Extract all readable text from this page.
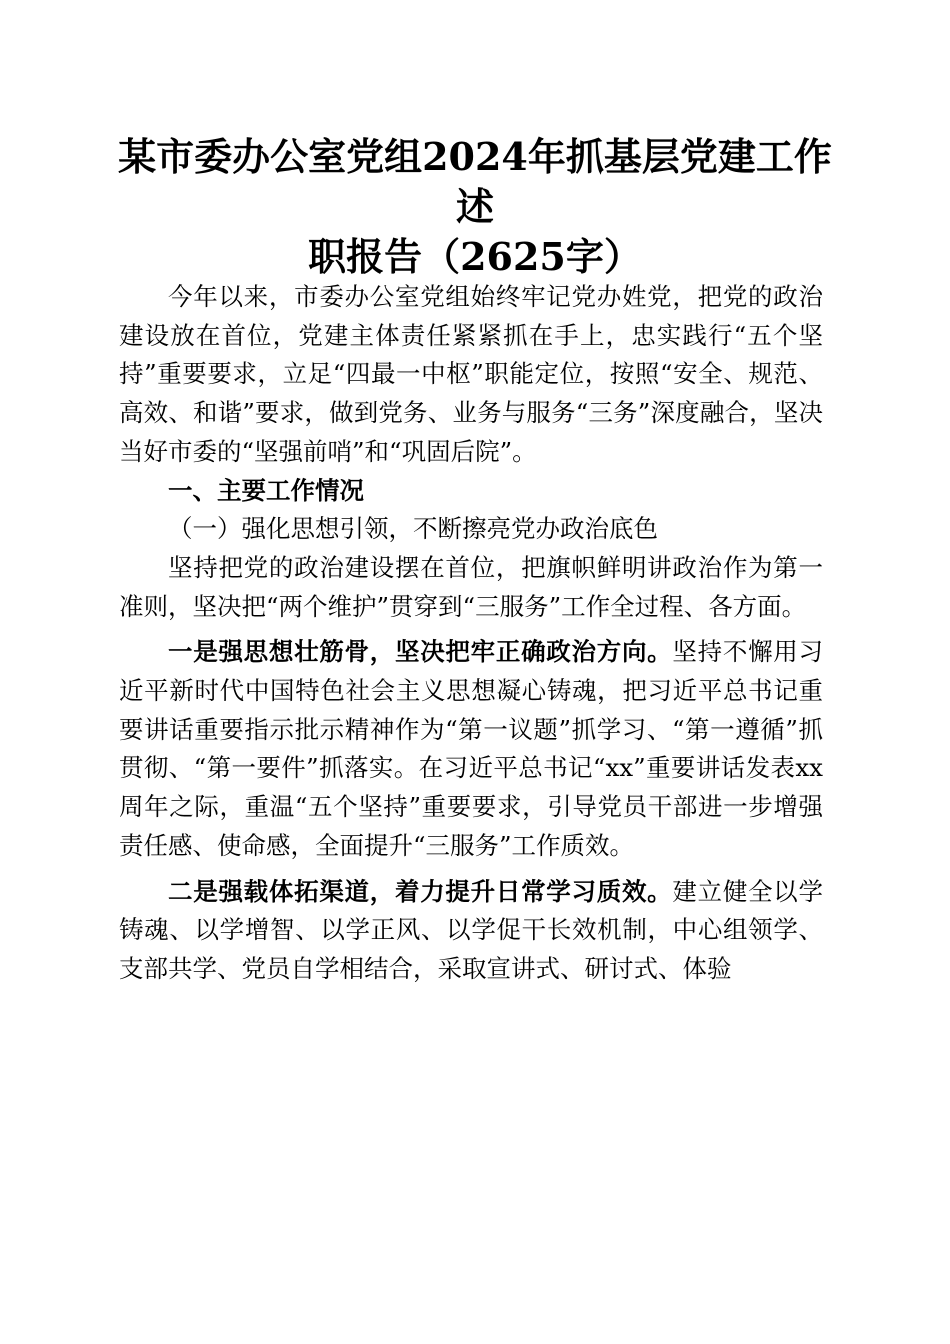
某市委办公室党组2024年抓基层党建工作述
职报告（2625字）

今年以来，市委办公室党组始终牢记党办姓党，把党的政治建设放在首位，党建主体责任紧紧抓在手上，忠实践行“五个坚持”重要要求，立足“四最一中枢”职能定位，按照“安全、规范、高效、和谐”要求，做到党务、业务与服务“三务”深度融合，坚决当好市委的“坚强前哨”和“巩固后院”。

一、主要工作情况

（一）强化思想引领，不断擦亮党办政治底色

坚持把党的政治建设摆在首位，把旗帜鲜明讲政治作为第一准则，坚决把“两个维护”贯穿到“三服务”工作全过程、各方面。

一是强思想壮筋骨，坚决把牢正确政治方向。坚持不懈用习近平新时代中国特色社会主义思想凝心铸魂，把习近平总书记重要讲话重要指示批示精神作为“第一议题”抓学习、“第一遵循”抓贯彻、“第一要件”抓落实。在习近平总书记“xx”重要讲话发表xx周年之际，重温“五个坚持”重要要求，引导党员干部进一步增强责任感、使命感，全面提升“三服务”工作质效。

二是强载体拓渠道，着力提升日常学习质效。建立健全以学铸魂、以学增智、以学正风、以学促干长效机制，中心组领学、支部共学、党员自学相结合，采取宣讲式、研讨式、体验
